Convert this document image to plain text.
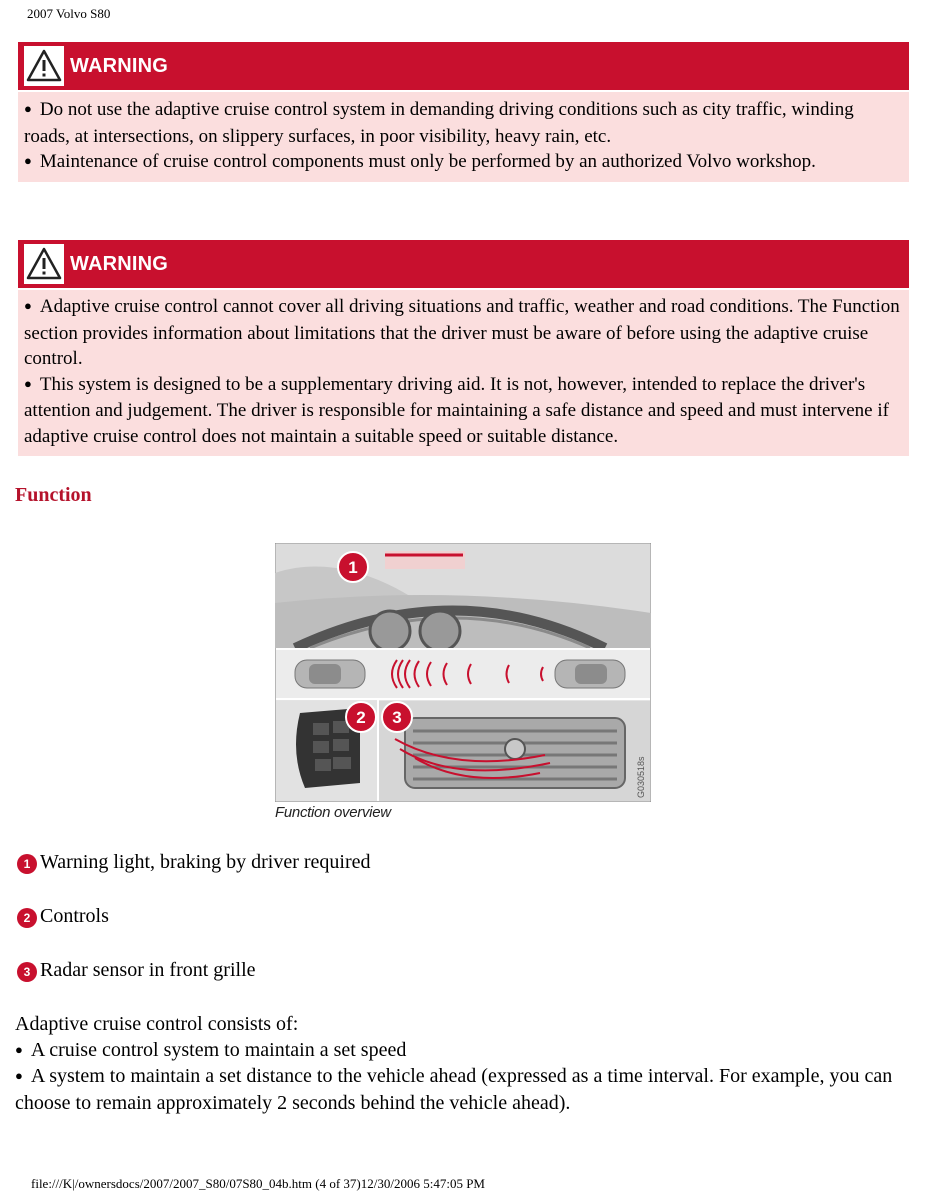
2007 Volvo S80
WARNING
● Do not use the adaptive cruise control system in demanding driving conditions such as city traffic, winding roads, at intersections, on slippery surfaces, in poor visibility, heavy rain, etc.
● Maintenance of cruise control components must only be performed by an authorized Volvo workshop.
WARNING
● Adaptive cruise control cannot cover all driving situations and traffic, weather and road conditions. The Function section provides information about limitations that the driver must be aware of before using the adaptive cruise control.
● This system is designed to be a supplementary driving aid. It is not, however, intended to replace the driver's attention and judgement. The driver is responsible for maintaining a safe distance and speed and must intervene if adaptive cruise control does not maintain a suitable speed or suitable distance.
Function
G030518s
1
2 3
Function overview
1 Warning light, braking by driver required
2 Controls
3 Radar sensor in front grille
Adaptive cruise control consists of:
● A cruise control system to maintain a set speed
● A system to maintain a set distance to the vehicle ahead (expressed as a time interval. For example, you can choose to remain approximately 2 seconds behind the vehicle ahead).
file:///K|/ownersdocs/2007/2007_S80/07S80_04b.htm (4 of 37)12/30/2006 5:47:05 PM
